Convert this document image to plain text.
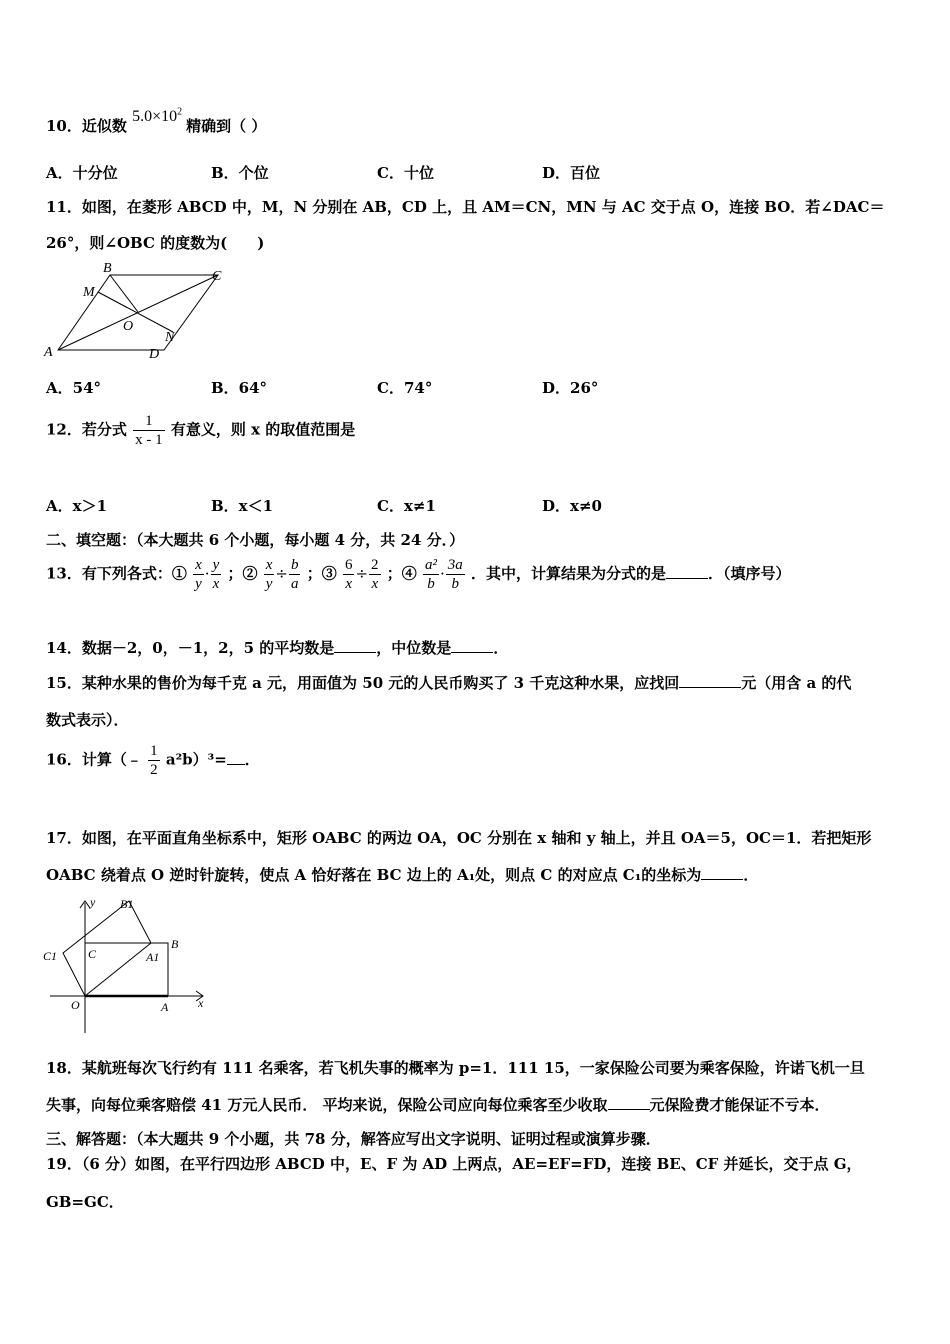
10．近似数 $5.0\times 10^2$ 精确到（ ）
A．十分位	B．个位	C．十位	D．百位
11．如图，在菱形 ABCD 中，M，N 分别在 AB，CD 上，且 AM＝CN，MN 与 AC 交于点 O，连接 BO．若∠DAC＝
26°，则∠OBC 的度数为(　　)
A
B
C
D
M
N
O
A．54°	B．64°	C．74°	D．26°
12．若分式 $\frac{1}{x - 1}$ 有意义，则 x 的取值范围是
A．x＞1	B．x＜1	C．x≠1	D．x≠0
二、填空题：（本大题共 6 个小题，每小题 4 分，共 24 分．）
13．有下列各式：① $\frac{x}{y} \cdot \frac{y}{x}$ ；② $\frac{x}{y} \div \frac{b}{a}$ ；③ $\frac{6}{x} \div \frac{2}{x}$ ；④ $\frac{\text{a²}}{b} \cdot \frac{3a}{b}$ ．其中，计算结果为分式的是	．（填序号）
14．数据－2，0，－1，2，5 的平均数是	，中位数是	．
15．某种水果的售价为每千克 a 元，用面值为 50 元的人民币购买了 3 千克这种水果，应找回	元（用含 a 的代
数式表示）．
16．计算（﹣ $\frac{1}{2} a^2b)^3=$ ．
17．如图，在平面直角坐标系中，矩形 OABC 的两边 OA，OC 分别在 x 轴和 y 轴上，并且 OA＝5，OC＝1．若把矩形
OABC 绕着点 O 逆时针旋转，使点 A 恰好落在 BC 边上的 A₁处，则点 C 的对应点 C₁的坐标为	．
y
x
O	A
B
C	A1
B1
C1
18．某航班每次飞行约有 111 名乘客，若飞机失事的概率为 p=1．111 15，一家保险公司要为乘客保险，许诺飞机一旦
失事，向每位乘客赔偿 41 万元人民币． 平均来说，保险公司应向每位乘客至少收取	元保险费才能保证不亏本．
三、解答题：（本大题共 9 个小题，共 78 分，解答应写出文字说明、证明过程或演算步骤．
19．（6 分）如图，在平行四边形 ABCD 中，E、F 为 AD 上两点，AE=EF=FD，连接 BE、CF 并延长，交于点 G，
GB=GC．
